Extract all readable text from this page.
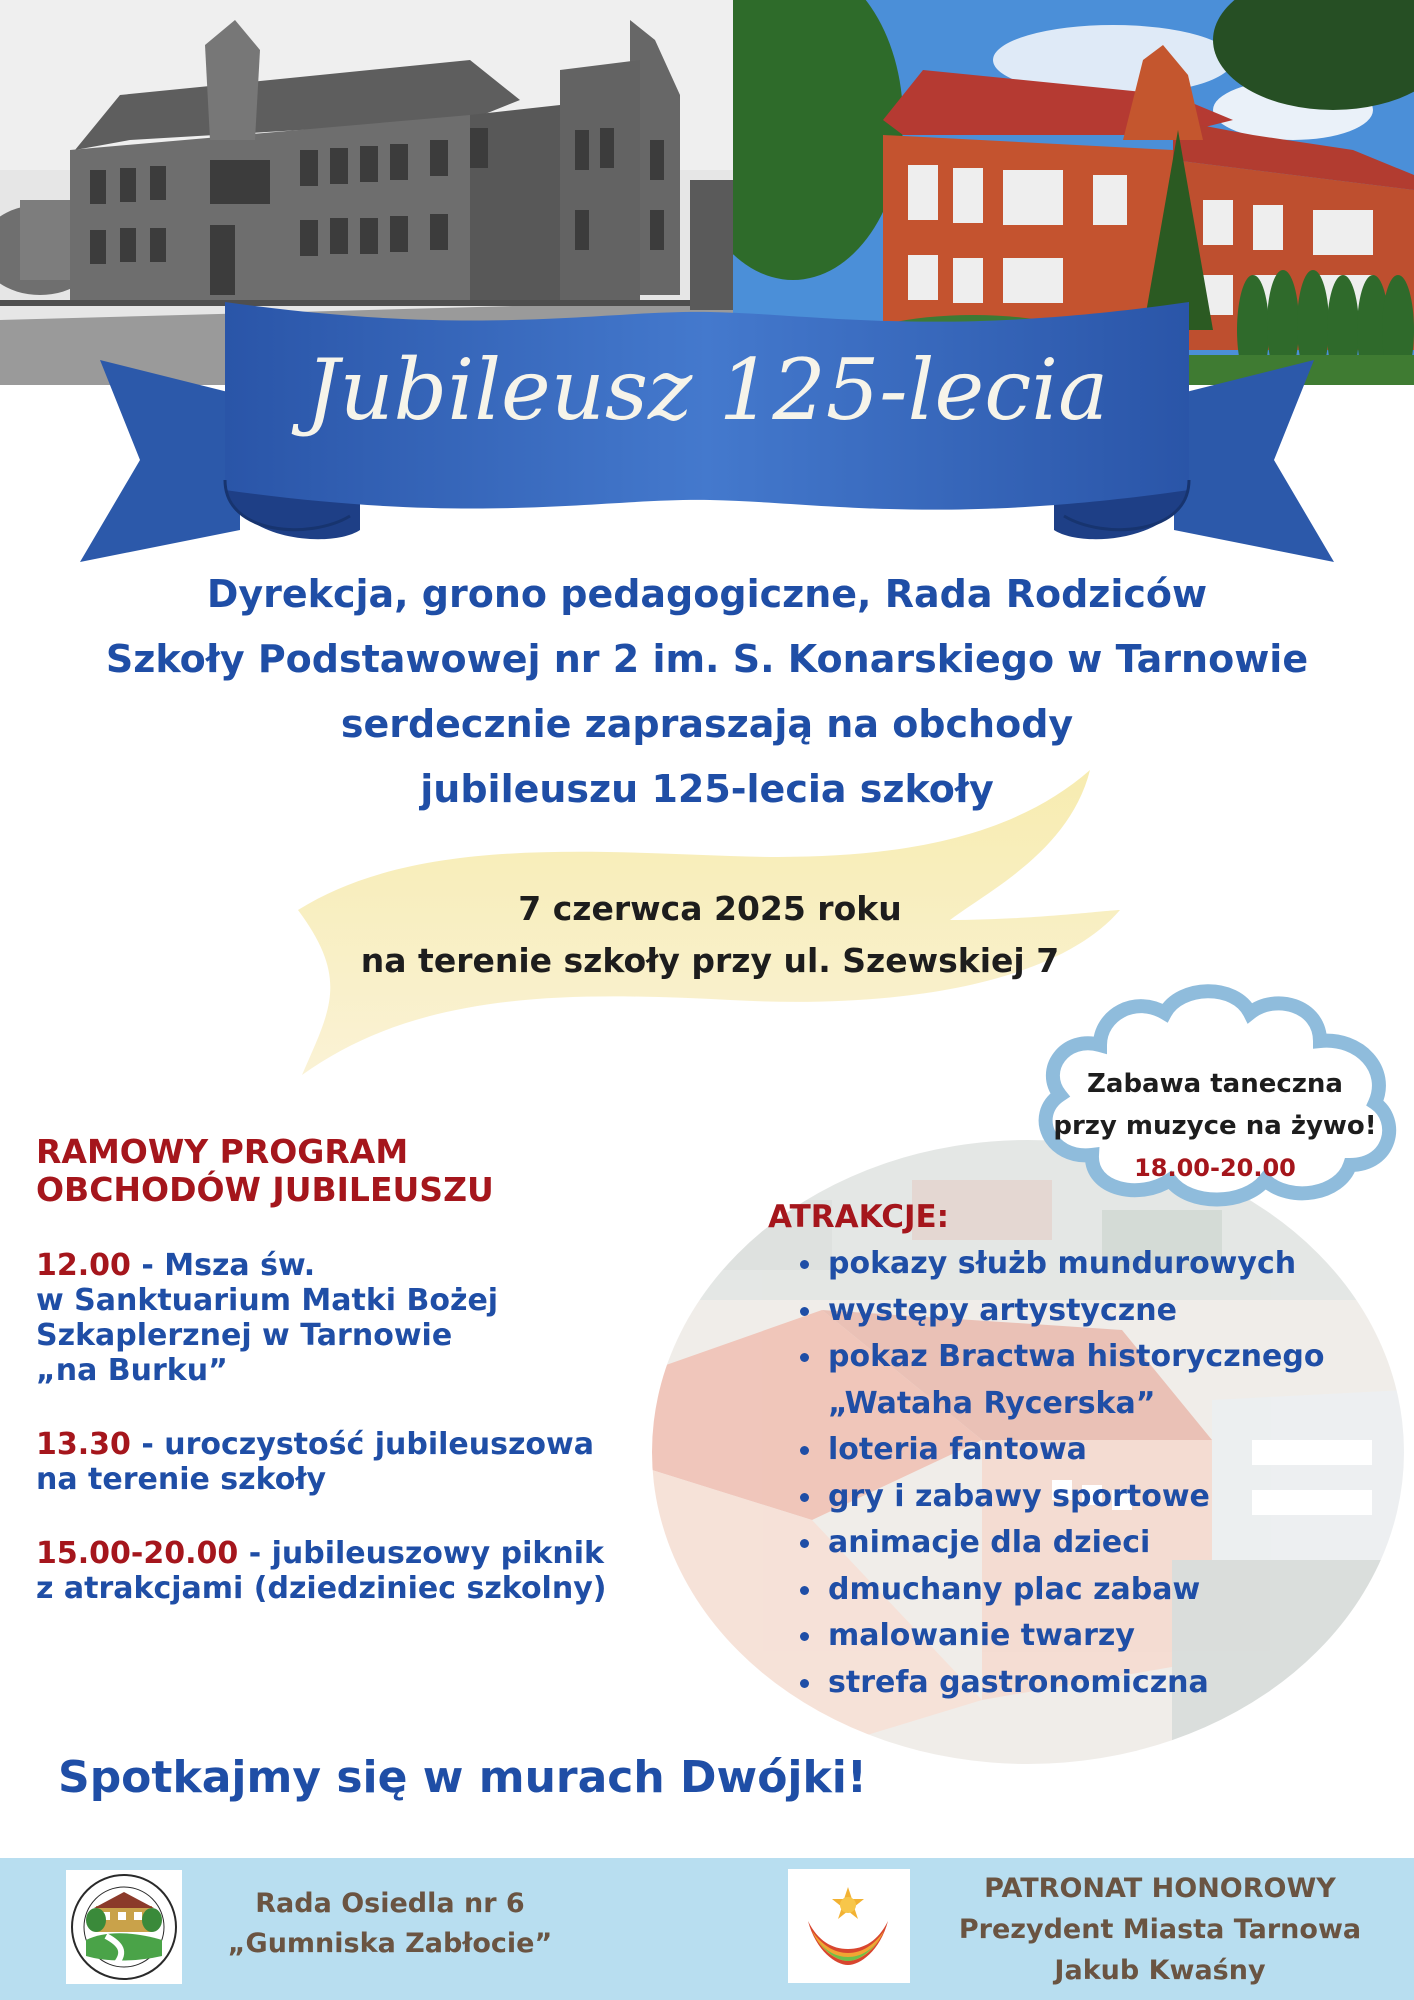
Jubileusz 125-lecia
Dyrekcja, grono pedagogiczne, Rada Rodziców
Szkoły Podstawowej nr 2 im. S. Konarskiego w Tarnowie
serdecznie zapraszają na obchody
jubileuszu 125-lecia szkoły
7 czerwca 2025 roku
na terenie szkoły przy ul. Szewskiej 7
Zabawa taneczna
przy muzyce na żywo!
18.00-20.00
RAMOWY PROGRAM
OBCHODÓW JUBILEUSZU
12.00 - Msza św.
w Sanktuarium Matki Bożej
Szkaplerznej w Tarnowie
„na Burku”
13.30 - uroczystość jubileuszowa
na terenie szkoły
15.00-20.00 - jubileuszowy piknik
z atrakcjami (dziedziniec szkolny)
ATRAKCJE:
pokazy służb mundurowych
występy artystyczne
pokaz Bractwa historycznego
„Wataha Rycerska”
loteria fantowa
gry i zabawy sportowe
animacje dla dzieci
dmuchany plac zabaw
malowanie twarzy
strefa gastronomiczna
Spotkajmy się w murach Dwójki!
Rada Osiedla nr 6
„Gumniska Zabłocie”
PATRONAT HONOROWY
Prezydent Miasta Tarnowa
Jakub Kwaśny
